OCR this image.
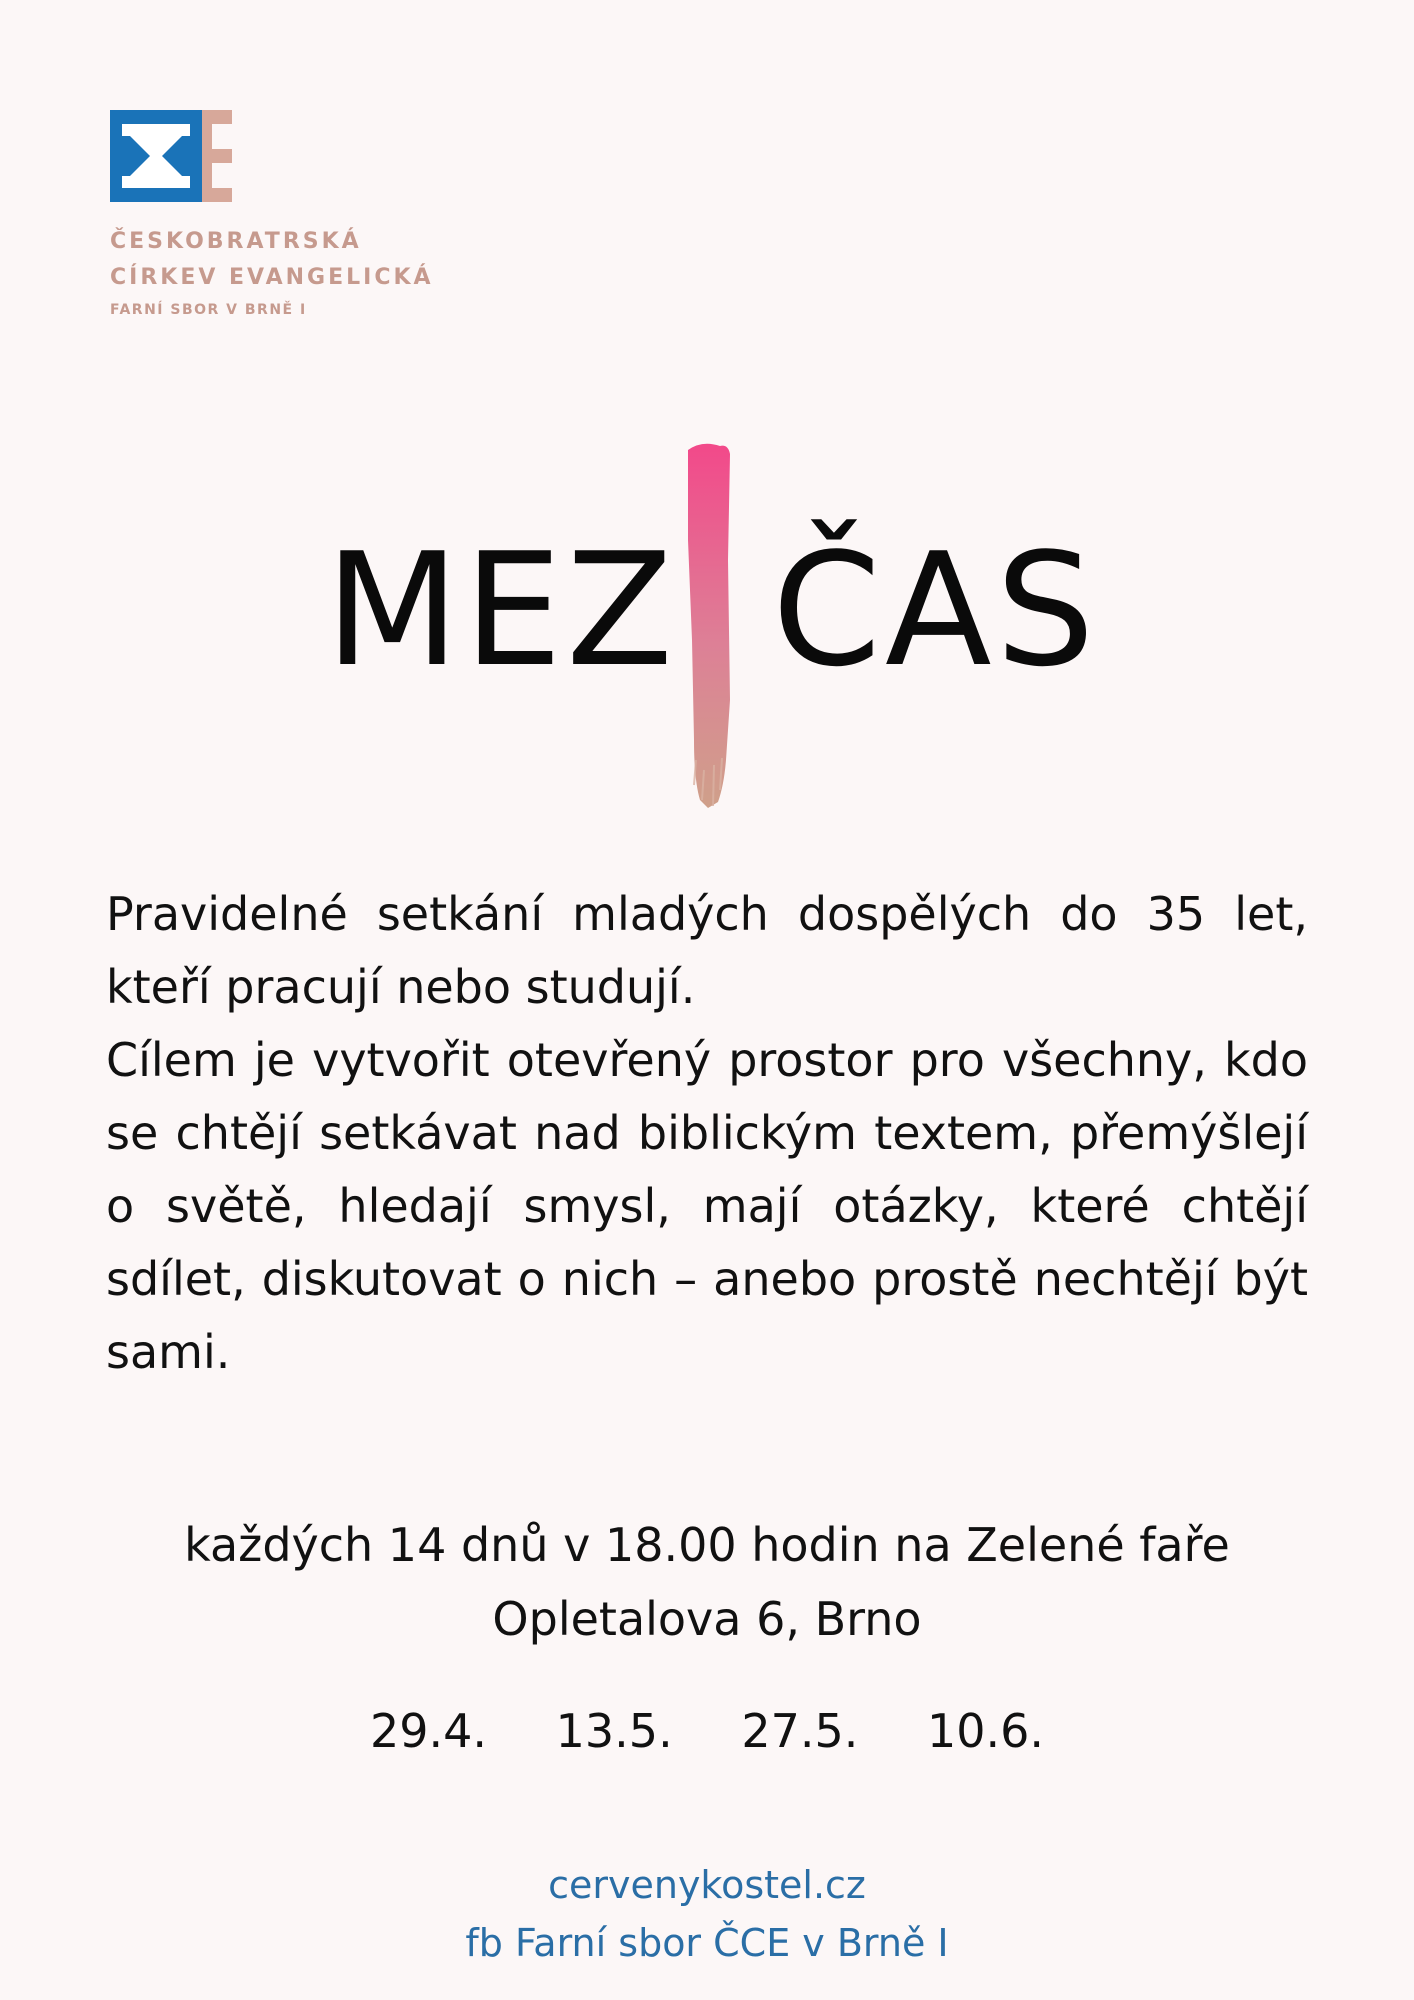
ČESKOBRATRSKÁ
CÍRKEV EVANGELICKÁ
FARNÍ SBOR V BRNĚ I
MEZ ČAS

Pravidelné setkání mladých dospělých do 35 let, kteří pracují nebo studují.

Cílem je vytvořit otevřený prostor pro všechny, kdo se chtějí setkávat nad biblickým textem, přemýšlejí o světě, hledají smysl, mají otázky, které chtějí sdílet, diskutovat o nich – anebo prostě nechtějí být sami.

každých 14 dnů v 18.00 hodin na Zelené faře
Opletalova 6, Brno
29.4. 13.5. 27.5. 10.6.
cervenykostel.cz
fb Farní sbor ČCE v Brně I
